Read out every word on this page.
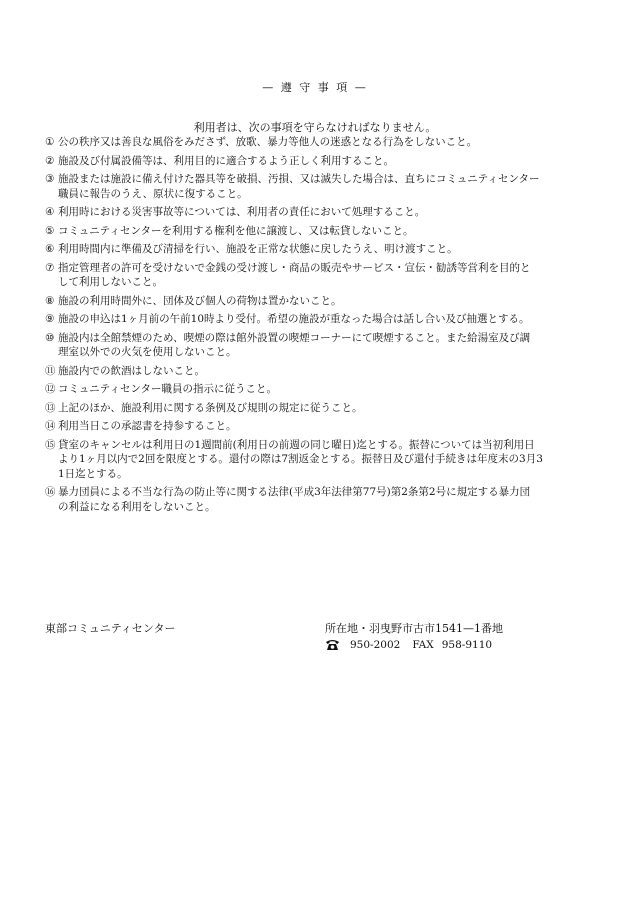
— 遵 守 事 項 —
利用者は、次の事項を守らなければなりません。
① 公の秩序又は善良な風俗をみださず、放歌、暴力等他人の迷惑となる行為をしないこと。
② 施設及び付属設備等は、利用目的に適合するよう正しく利用すること。
③ 施設または施設に備え付けた器具等を破損、汚損、又は滅失した場合は、直ちにコミュニティセンター
職員に報告のうえ、原状に復すること。
④ 利用時における災害事故等については、利用者の責任において処理すること。
⑤ コミュニティセンターを利用する権利を他に譲渡し、又は転貸しないこと。
⑥ 利用時間内に準備及び清掃を行い、施設を正常な状態に戻したうえ、明け渡すこと。
⑦ 指定管理者の許可を受けないで金銭の受け渡し・商品の販売やサービス・宣伝・勧誘等営利を目的と
して利用しないこと。
⑧ 施設の利用時間外に、団体及び個人の荷物は置かないこと。
⑨ 施設の申込は1ヶ月前の午前10時より受付。希望の施設が重なった場合は話し合い及び抽選とする。
⑩ 施設内は全館禁煙のため、喫煙の際は館外設置の喫煙コーナーにて喫煙すること。また給湯室及び調
理室以外での火気を使用しないこと。
⑪ 施設内での飲酒はしないこと。
⑫ コミュニティセンター職員の指示に従うこと。
⑬ 上記のほか、施設利用に関する条例及び規則の規定に従うこと。
⑭ 利用当日この承認書を持参すること。
⑮ 貸室のキャンセルは利用日の1週間前(利用日の前週の同じ曜日)迄とする。振替については当初利用日
より1ヶ月以内で2回を限度とする。還付の際は7割返金とする。振替日及び還付手続きは年度末の3月3
1日迄とする。
⑯ 暴力団員による不当な行為の防止等に関する法律(平成3年法律第77号)第2条第2号に規定する暴力団
の利益になる利用をしないこと。
東部コミュニティセンター	所在地・羽曳野市古市1541—1番地
950-2002 FAX 958-9110
